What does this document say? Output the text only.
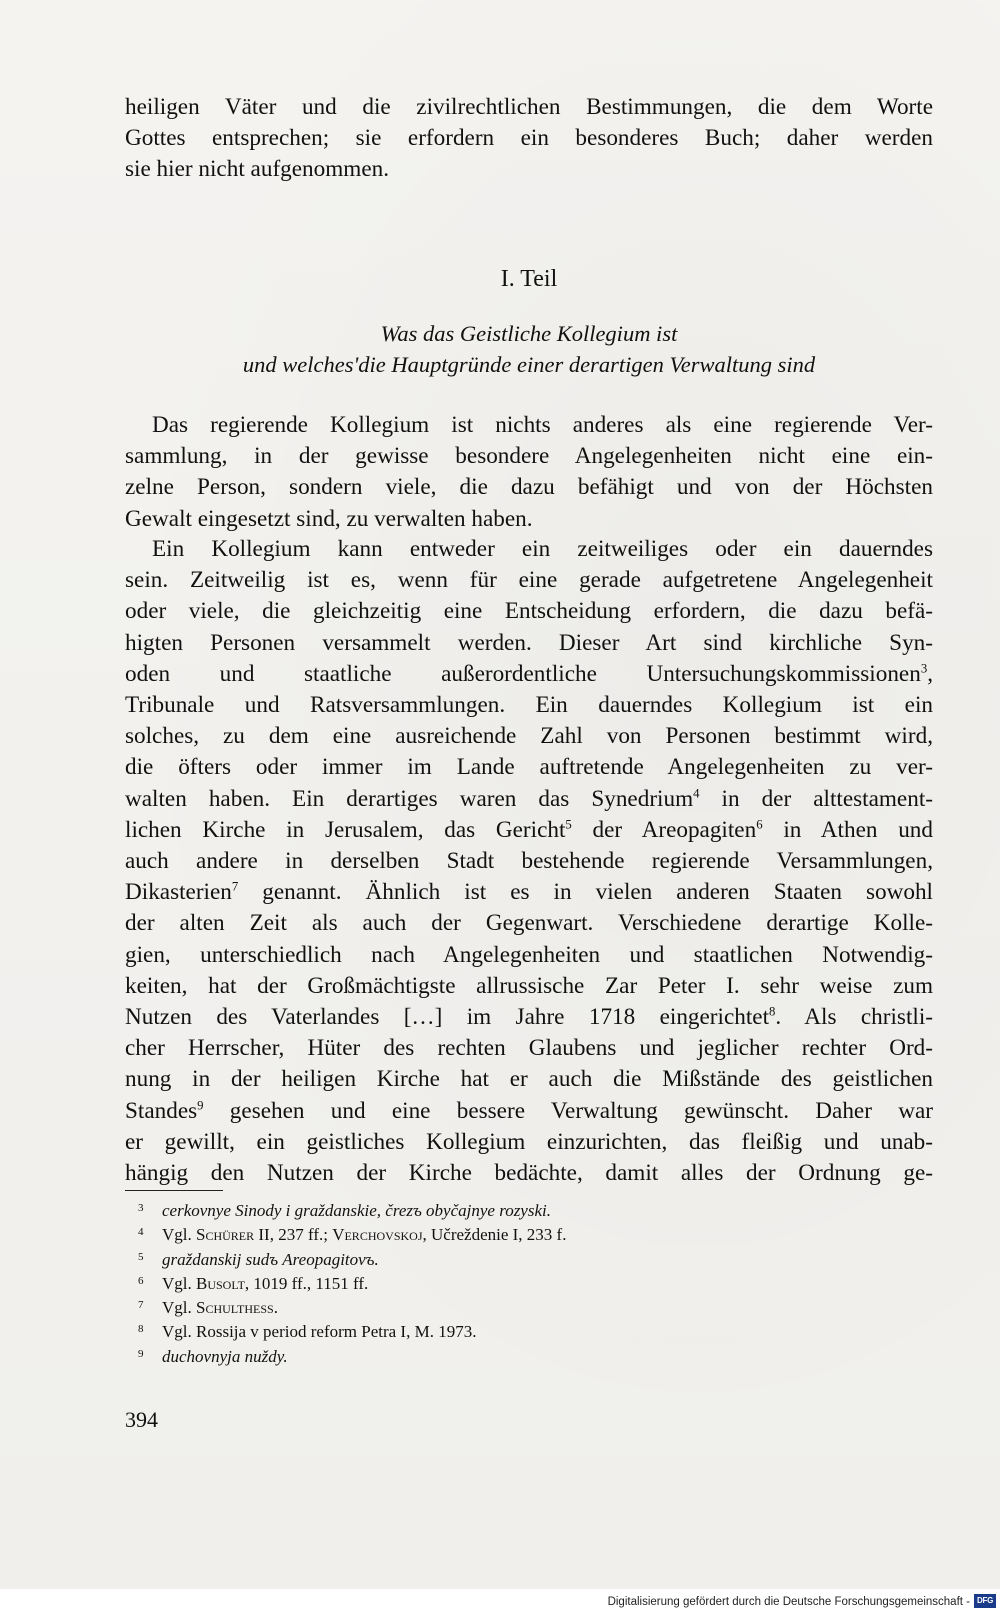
heiligen Väter und die zivilrechtlichen Bestimmungen, die dem Worte
Gottes entsprechen; sie erfordern ein besonderes Buch; daher werden
sie hier nicht aufgenommen.
I. Teil
Was das Geistliche Kollegium ist
und welches'die Hauptgründe einer derartigen Verwaltung sind
Das regierende Kollegium ist nichts anderes als eine regierende Ver-
sammlung, in der gewisse besondere Angelegenheiten nicht eine ein-
zelne Person, sondern viele, die dazu befähigt und von der Höchsten
Gewalt eingesetzt sind, zu verwalten haben.
Ein Kollegium kann entweder ein zeitweiliges oder ein dauerndes
sein. Zeitweilig ist es, wenn für eine gerade aufgetretene Angelegenheit
oder viele, die gleichzeitig eine Entscheidung erfordern, die dazu befä-
higten Personen versammelt werden. Dieser Art sind kirchliche Syn-
oden und staatliche außerordentliche Untersuchungskommissionen$^3$,
Tribunale und Ratsversammlungen. Ein dauerndes Kollegium ist ein
solches, zu dem eine ausreichende Zahl von Personen bestimmt wird,
die öfters oder immer im Lande auftretende Angelegenheiten zu ver-
walten haben. Ein derartiges waren das Synedrium$^4$ in der alttestament-
lichen Kirche in Jerusalem, das Gericht$^5$ der Areopagiten$^6$ in Athen und
auch andere in derselben Stadt bestehende regierende Versammlungen,
Dikasterien$^7$ genannt. Ähnlich ist es in vielen anderen Staaten sowohl
der alten Zeit als auch der Gegenwart. Verschiedene derartige Kolle-
gien, unterschiedlich nach Angelegenheiten und staatlichen Notwendig-
keiten, hat der Großmächtigste allrussische Zar Peter I. sehr weise zum
Nutzen des Vaterlandes […] im Jahre 1718 eingerichtet$^8$. Als christli-
cher Herrscher, Hüter des rechten Glaubens und jeglicher rechter Ord-
nung in der heiligen Kirche hat er auch die Mißstände des geistlichen
Standes$^9$ gesehen und eine bessere Verwaltung gewünscht. Daher war
er gewillt, ein geistliches Kollegium einzurichten, das fleißig und unab-
hängig den Nutzen der Kirche bedächte, damit alles der Ordnung ge-
3 cerkovnye Sinody i graždanskie, črezъ obyčajnye rozyski.
4 Vgl. Schürer II, 237 ff.; Verchovskoj, Učreždenie I, 233 f.
5 graždanskij sudъ Areopagitovъ.
6 Vgl. Busolt, 1019 ff., 1151 ff.
7 Vgl. Schulthess.
8 Vgl. Rossija v period reform Petra I, M. 1973.
9 duchovnyja nuždy.
394
Digitalisierung gefördert durch die Deutsche Forschungsgemeinschaft - DFG
